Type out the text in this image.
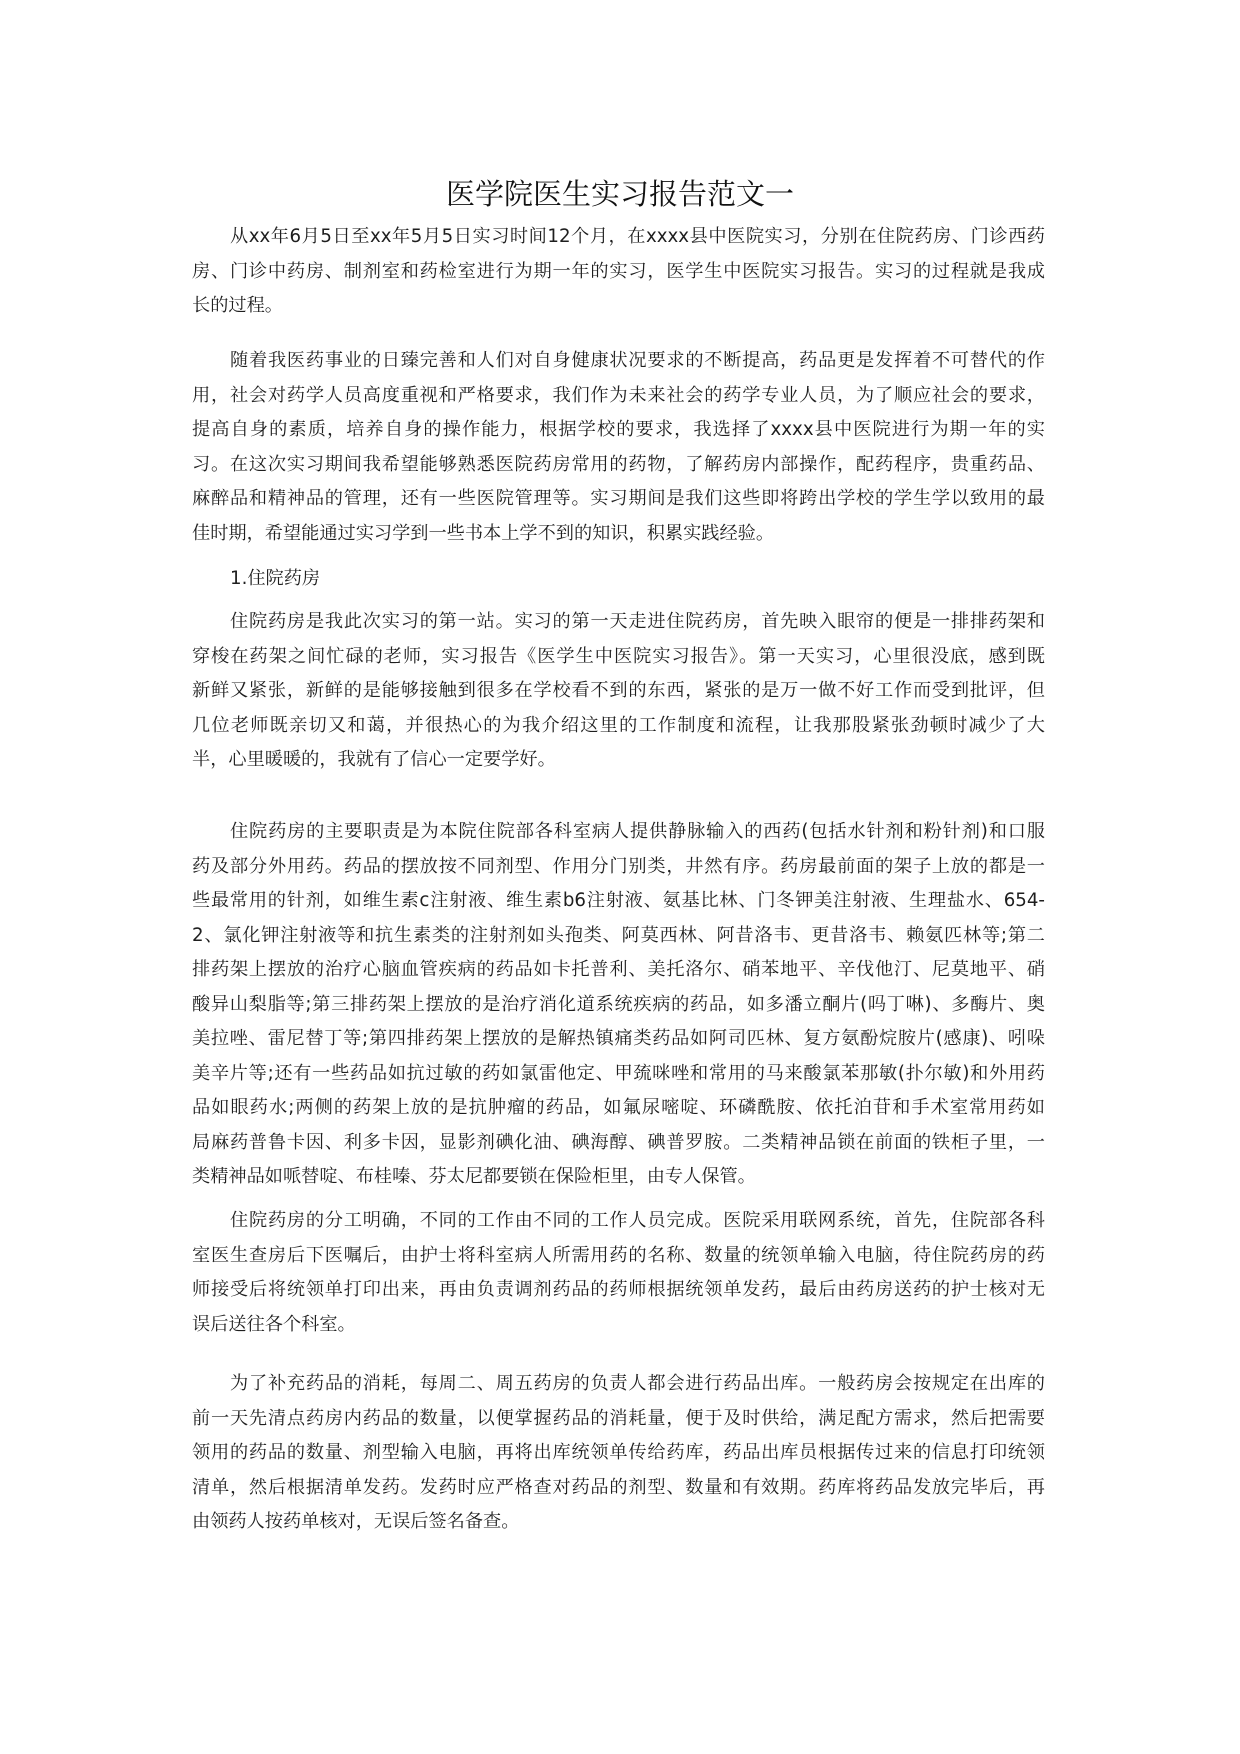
医学院医生实习报告范文一
从xx年6月5日至xx年5月5日实习时间12个月，在xxxx县中医院实习，分别在住院药房、门诊西药
房、门诊中药房、制剂室和药检室进行为期一年的实习，医学生中医院实习报告。实习的过程就是我成
长的过程。
随着我医药事业的日臻完善和人们对自身健康状况要求的不断提高，药品更是发挥着不可替代的作
用，社会对药学人员高度重视和严格要求，我们作为未来社会的药学专业人员，为了顺应社会的要求，
提高自身的素质，培养自身的操作能力，根据学校的要求，我选择了xxxx县中医院进行为期一年的实
习。在这次实习期间我希望能够熟悉医院药房常用的药物，了解药房内部操作，配药程序，贵重药品、
麻醉品和精神品的管理，还有一些医院管理等。实习期间是我们这些即将跨出学校的学生学以致用的最
佳时期，希望能通过实习学到一些书本上学不到的知识，积累实践经验。
1.住院药房
住院药房是我此次实习的第一站。实习的第一天走进住院药房，首先映入眼帘的便是一排排药架和
穿梭在药架之间忙碌的老师，实习报告《医学生中医院实习报告》。第一天实习，心里很没底，感到既
新鲜又紧张，新鲜的是能够接触到很多在学校看不到的东西，紧张的是万一做不好工作而受到批评，但
几位老师既亲切又和蔼，并很热心的为我介绍这里的工作制度和流程，让我那股紧张劲顿时减少了大
半，心里暖暖的，我就有了信心一定要学好。
住院药房的主要职责是为本院住院部各科室病人提供静脉输入的西药(包括水针剂和粉针剂)和口服
药及部分外用药。药品的摆放按不同剂型、作用分门别类，井然有序。药房最前面的架子上放的都是一
些最常用的针剂，如维生素c注射液、维生素b6注射液、氨基比林、门冬钾美注射液、生理盐水、654-
2、氯化钾注射液等和抗生素类的注射剂如头孢类、阿莫西林、阿昔洛韦、更昔洛韦、赖氨匹林等;第二
排药架上摆放的治疗心脑血管疾病的药品如卡托普利、美托洛尔、硝苯地平、辛伐他汀、尼莫地平、硝
酸异山梨脂等;第三排药架上摆放的是治疗消化道系统疾病的药品，如多潘立酮片(吗丁啉)、多酶片、奥
美拉唑、雷尼替丁等;第四排药架上摆放的是解热镇痛类药品如阿司匹林、复方氨酚烷胺片(感康)、吲哚
美辛片等;还有一些药品如抗过敏的药如氯雷他定、甲巯咪唑和常用的马来酸氯苯那敏(扑尔敏)和外用药
品如眼药水;两侧的药架上放的是抗肿瘤的药品，如氟尿嘧啶、环磷酰胺、依托泊苷和手术室常用药如
局麻药普鲁卡因、利多卡因，显影剂碘化油、碘海醇、碘普罗胺。二类精神品锁在前面的铁柜子里，一
类精神品如哌替啶、布桂嗪、芬太尼都要锁在保险柜里，由专人保管。
住院药房的分工明确，不同的工作由不同的工作人员完成。医院采用联网系统，首先，住院部各科
室医生查房后下医嘱后，由护士将科室病人所需用药的名称、数量的统领单输入电脑，待住院药房的药
师接受后将统领单打印出来，再由负责调剂药品的药师根据统领单发药，最后由药房送药的护士核对无
误后送往各个科室。
为了补充药品的消耗，每周二、周五药房的负责人都会进行药品出库。一般药房会按规定在出库的
前一天先清点药房内药品的数量，以便掌握药品的消耗量，便于及时供给，满足配方需求，然后把需要
领用的药品的数量、剂型输入电脑，再将出库统领单传给药库，药品出库员根据传过来的信息打印统领
清单，然后根据清单发药。发药时应严格查对药品的剂型、数量和有效期。药库将药品发放完毕后，再
由领药人按药单核对，无误后签名备查。
